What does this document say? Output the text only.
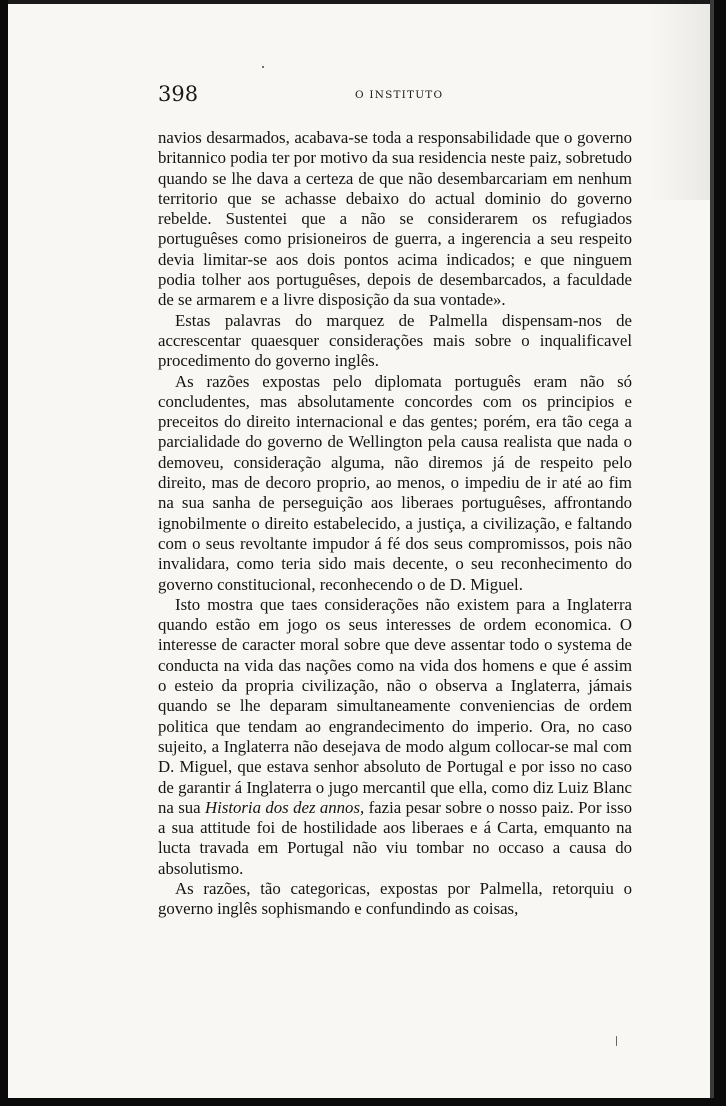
398	O INSTITUTO

navios desarmados, acabava-se toda a responsabilidade que o governo britannico podia ter por motivo da sua residencia neste paiz, sobretudo quando se lhe dava a certeza de que não desembarcariam em nenhum territorio que se achasse debaixo do actual dominio do governo rebelde. Sustentei que a não se considerarem os refugiados portuguêses como prisioneiros de guerra, a ingerencia a seu respeito devia limitar-se aos dois pontos acima indicados; e que ninguem podia tolher aos portuguêses, depois de desembarcados, a faculdade de se armarem e a livre disposição da sua vontade».

Estas palavras do marquez de Palmella dispensam-nos de accrescentar quaesquer considerações mais sobre o inqualificavel procedimento do governo inglês.

As razões expostas pelo diplomata português eram não só concludentes, mas absolutamente concordes com os principios e preceitos do direito internacional e das gentes; porém, era tão cega a parcialidade do governo de Wellington pela causa realista que nada o demoveu, consideração alguma, não diremos já de respeito pelo direito, mas de decoro proprio, ao menos, o impediu de ir até ao fim na sua sanha de perseguição aos liberaes portuguêses, affrontando ignobilmente o direito estabelecido, a justiça, a civilização, e faltando com o seus revoltante impudor á fé dos seus compromissos, pois não invalidara, como teria sido mais decente, o seu reconhecimento do governo constitucional, reconhecendo o de D. Miguel.

Isto mostra que taes considerações não existem para a Inglaterra quando estão em jogo os seus interesses de ordem economica. O interesse de caracter moral sobre que deve assentar todo o systema de conducta na vida das nações como na vida dos homens e que é assim o esteio da propria civilização, não o observa a Inglaterra, jámais quando se lhe deparam simultaneamente conveniencias de ordem politica que tendam ao engrandecimento do imperio. Ora, no caso sujeito, a Inglaterra não desejava de modo algum collocar-se mal com D. Miguel, que estava senhor absoluto de Portugal e por isso no caso de garantir á Inglaterra o jugo mercantil que ella, como diz Luiz Blanc na sua Historia dos dez annos, fazia pesar sobre o nosso paiz. Por isso a sua attitude foi de hostilidade aos liberaes e á Carta, emquanto na lucta travada em Portugal não viu tombar no occaso a causa do absolutismo.

As razões, tão categoricas, expostas por Palmella, retorquiu o governo inglês sophismando e confundindo as coisas,
